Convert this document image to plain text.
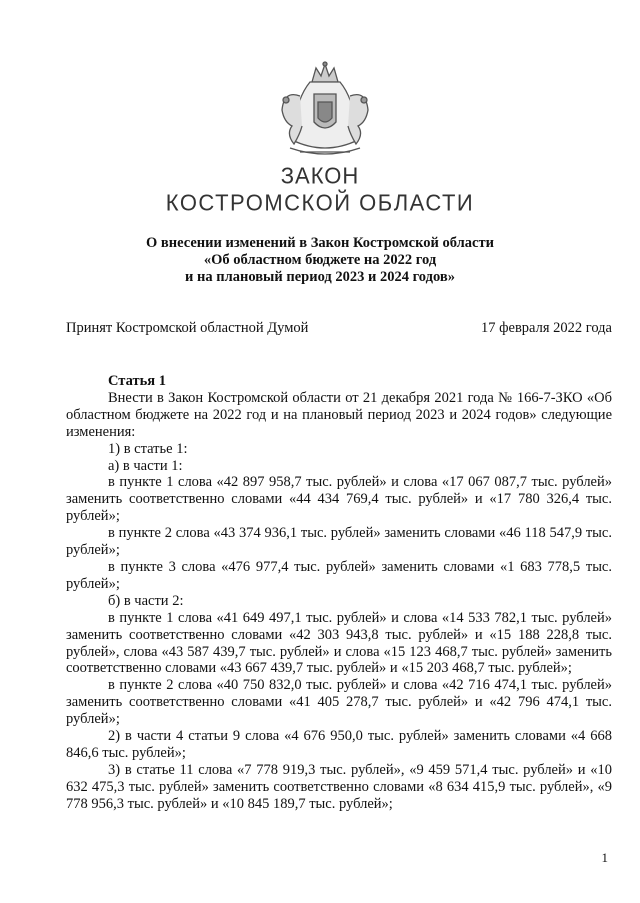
ЗАКОН
КОСТРОМСКОЙ ОБЛАСТИ
О внесении изменений в Закон Костромской области
«Об областном бюджете на 2022 год
и на плановый период 2023 и 2024 годов»
Принят Костромской областной Думой	17 февраля 2022 года

Статья 1

Внести в Закон Костромской области от 21 декабря 2021 года № 166-7-ЗКО «Об областном бюджете на 2022 год и на плановый период 2023 и 2024 годов» следующие изменения:

1) в статье 1:

а) в части 1:

в пункте 1 слова «42 897 958,7 тыс. рублей» и слова «17 067 087,7 тыс. рублей» заменить соответственно словами «44 434 769,4 тыс. рублей» и «17 780 326,4 тыс. рублей»;

в пункте 2 слова «43 374 936,1 тыс. рублей» заменить словами «46 118 547,9 тыс. рублей»;

в пункте 3 слова «476 977,4 тыс. рублей» заменить словами «1 683 778,5 тыс. рублей»;

б) в части 2:

в пункте 1 слова «41 649 497,1 тыс. рублей» и слова «14 533 782,1 тыс. рублей» заменить соответственно словами «42 303 943,8 тыс. рублей» и «15 188 228,8 тыс. рублей», слова «43 587 439,7 тыс. рублей» и слова «15 123 468,7 тыс. рублей» заменить соответственно словами «43 667 439,7 тыс. рублей» и «15 203 468,7 тыс. рублей»;

в пункте 2 слова «40 750 832,0 тыс. рублей» и слова «42 716 474,1 тыс. рублей» заменить соответственно словами «41 405 278,7 тыс. рублей» и «42 796 474,1 тыс. рублей»;

2) в части 4 статьи 9 слова «4 676 950,0 тыс. рублей» заменить словами «4 668 846,6 тыс. рублей»;

3) в статье 11 слова «7 778 919,3 тыс. рублей», «9 459 571,4 тыс. рублей» и «10 632 475,3 тыс. рублей» заменить соответственно словами «8 634 415,9 тыс. рублей», «9 778 956,3 тыс. рублей» и «10 845 189,7 тыс. рублей»;

1
